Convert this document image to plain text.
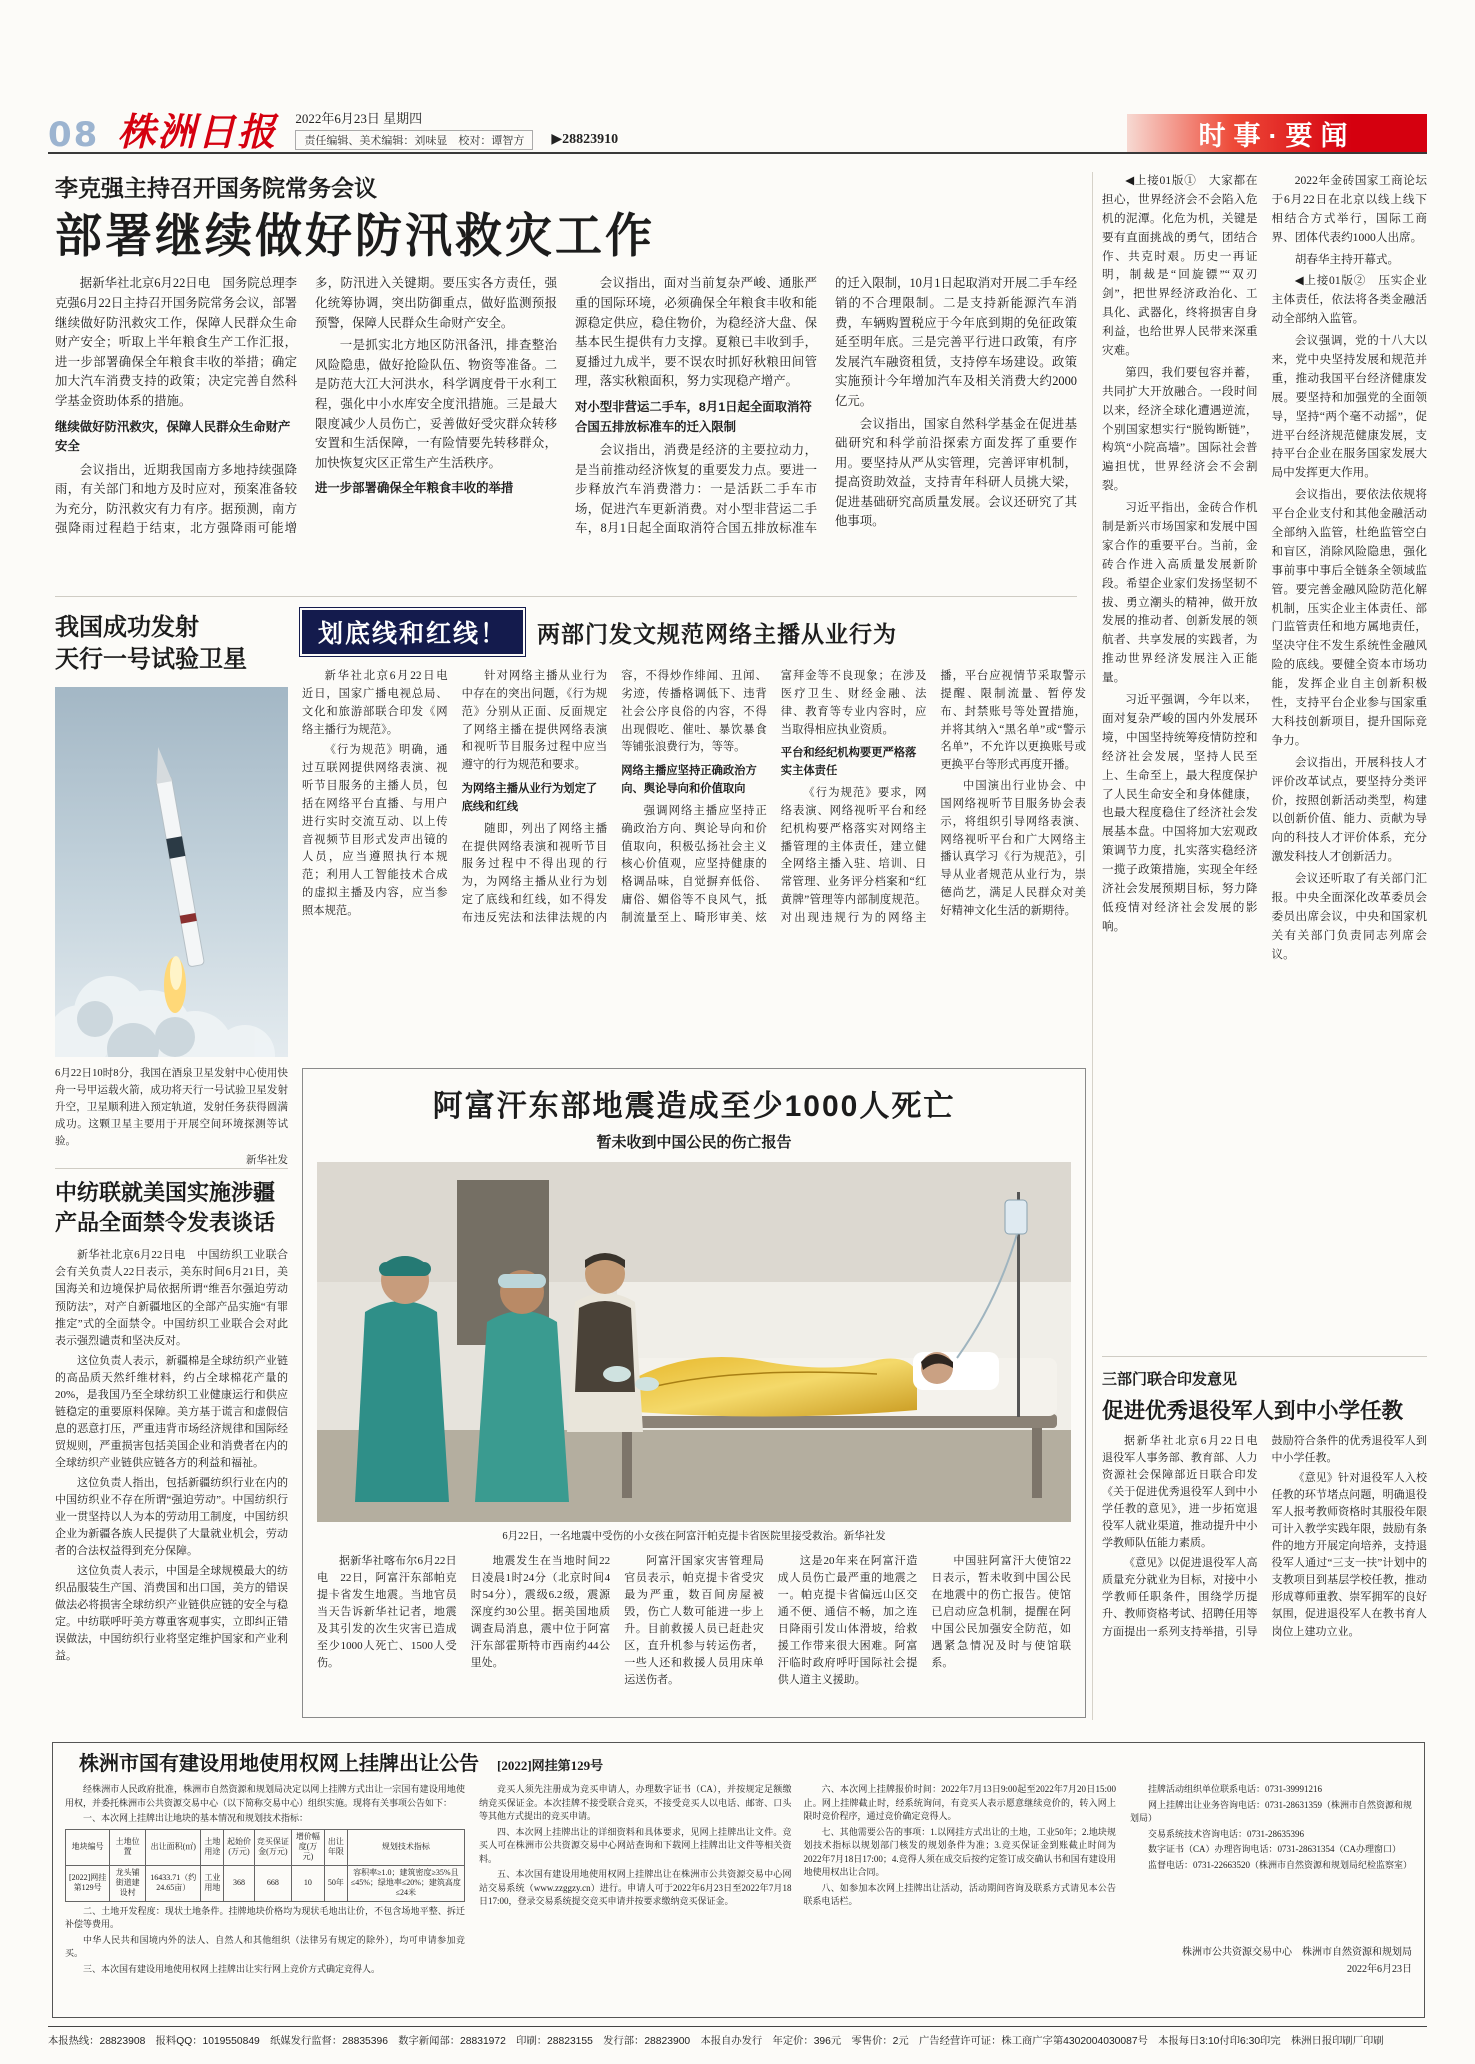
08 株洲日报 2022年6月23日 星期四
责任编辑、美术编辑：刘味显　校对：谭智方	▶28823910	时事·要闻
李克强主持召开国务院常务会议
部署继续做好防汛救灾工作

据新华社北京6月22日电　国务院总理李克强6月22日主持召开国务院常务会议，部署继续做好防汛救灾工作，保障人民群众生命财产安全；听取上半年粮食生产工作汇报，进一步部署确保全年粮食丰收的举措；确定加大汽车消费支持的政策；决定完善自然科学基金资助体系的措施。

继续做好防汛救灾，保障人民群众生命财产安全

会议指出，近期我国南方多地持续强降雨，有关部门和地方及时应对，预案准备较为充分，防汛救灾有力有序。据预测，南方强降雨过程趋于结束，北方强降雨可能增多，防汛进入关键期。要压实各方责任，强化统筹协调，突出防御重点，做好监测预报预警，保障人民群众生命财产安全。

一是抓实北方地区防汛备汛，排查整治风险隐患，做好抢险队伍、物资等准备。二是防范大江大河洪水，科学调度骨干水利工程，强化中小水库安全度汛措施。三是最大限度减少人员伤亡，妥善做好受灾群众转移安置和生活保障，一有险情要先转移群众，加快恢复灾区正常生产生活秩序。

进一步部署确保全年粮食丰收的举措

会议指出，面对当前复杂严峻、通胀严重的国际环境，必须确保全年粮食丰收和能源稳定供应，稳住物价，为稳经济大盘、保基本民生提供有力支撑。夏粮已丰收到手，夏播过九成半，要不误农时抓好秋粮田间管理，落实秋粮面积，努力实现稳产增产。

对小型非营运二手车，8月1日起全面取消符合国五排放标准车的迁入限制

会议指出，消费是经济的主要拉动力，是当前推动经济恢复的重要发力点。要进一步释放汽车消费潜力：一是活跃二手车市场，促进汽车更新消费。对小型非营运二手车，8月1日起全面取消符合国五排放标准车的迁入限制，10月1日起取消对开展二手车经销的不合理限制。二是支持新能源汽车消费，车辆购置税应于今年底到期的免征政策延至明年底。三是完善平行进口政策，有序发展汽车融资租赁，支持停车场建设。政策实施预计今年增加汽车及相关消费大约2000亿元。

会议指出，国家自然科学基金在促进基础研究和科学前沿探索方面发挥了重要作用。要坚持从严从实管理，完善评审机制，提高资助效益，支持青年科研人员挑大梁，促进基础研究高质量发展。会议还研究了其他事项。

◀上接01版①　大家都在担心，世界经济会不会陷入危机的泥潭。化危为机，关键是要有直面挑战的勇气，团结合作、共克时艰。历史一再证明，制裁是“回旋镖”“双刃剑”，把世界经济政治化、工具化、武器化，终将损害自身利益，也给世界人民带来深重灾难。

第四，我们要包容并蓄，共同扩大开放融合。一段时间以来，经济全球化遭遇逆流，个别国家想实行“脱钩断链”，构筑“小院高墙”。国际社会普遍担忧，世界经济会不会割裂。

习近平指出，金砖合作机制是新兴市场国家和发展中国家合作的重要平台。当前，金砖合作进入高质量发展新阶段。希望企业家们发扬坚韧不拔、勇立潮头的精神，做开放发展的推动者、创新发展的领航者、共享发展的实践者，为推动世界经济发展注入正能量。

习近平强调，今年以来，面对复杂严峻的国内外发展环境，中国坚持统筹疫情防控和经济社会发展，坚持人民至上、生命至上，最大程度保护了人民生命安全和身体健康，也最大程度稳住了经济社会发展基本盘。中国将加大宏观政策调节力度，扎实落实稳经济一揽子政策措施，实现全年经济社会发展预期目标，努力降低疫情对经济社会发展的影响。

2022年金砖国家工商论坛于6月22日在北京以线上线下相结合方式举行，国际工商界、团体代表约1000人出席。

胡春华主持开幕式。

◀上接01版②　压实企业主体责任，依法将各类金融活动全部纳入监管。

会议强调，党的十八大以来，党中央坚持发展和规范并重，推动我国平台经济健康发展。要坚持和加强党的全面领导，坚持“两个毫不动摇”，促进平台经济规范健康发展，支持平台企业在服务国家发展大局中发挥更大作用。

会议指出，要依法依规将平台企业支付和其他金融活动全部纳入监管，杜绝监管空白和盲区，消除风险隐患，强化事前事中事后全链条全领域监管。要完善金融风险防范化解机制，压实企业主体责任、部门监管责任和地方属地责任，坚决守住不发生系统性金融风险的底线。要健全资本市场功能，发挥企业自主创新积极性，支持平台企业参与国家重大科技创新项目，提升国际竞争力。

会议指出，开展科技人才评价改革试点，要坚持分类评价，按照创新活动类型，构建以创新价值、能力、贡献为导向的科技人才评价体系，充分激发科技人才创新活力。

会议还听取了有关部门汇报。中央全面深化改革委员会委员出席会议，中央和国家机关有关部门负责同志列席会议。

我国成功发射
天行一号试验卫星
6月22日10时8分，我国在酒泉卫星发射中心使用快舟一号甲运载火箭，成功将天行一号试验卫星发射升空，卫星顺利进入预定轨道，发射任务获得圆满成功。这颗卫星主要用于开展空间环境探测等试验。
新华社发
划底线和红线！	两部门发文规范网络主播从业行为

新华社北京6月22日电　近日，国家广播电视总局、文化和旅游部联合印发《网络主播行为规范》。

《行为规范》明确，通过互联网提供网络表演、视听节目服务的主播人员，包括在网络平台直播、与用户进行实时交流互动、以上传音视频节目形式发声出镜的人员，应当遵照执行本规范；利用人工智能技术合成的虚拟主播及内容，应当参照本规范。

针对网络主播从业行为中存在的突出问题，《行为规范》分别从正面、反面规定了网络主播在提供网络表演和视听节目服务过程中应当遵守的行为规范和要求。

为网络主播从业行为划定了底线和红线

随即，列出了网络主播在提供网络表演和视听节目服务过程中不得出现的行为，为网络主播从业行为划定了底线和红线，如不得发布违反宪法和法律法规的内容，不得炒作绯闻、丑闻、劣迹，传播格调低下、违背社会公序良俗的内容，不得出现假吃、催吐、暴饮暴食等铺张浪费行为，等等。

网络主播应坚持正确政治方向、舆论导向和价值取向

强调网络主播应坚持正确政治方向、舆论导向和价值取向，积极弘扬社会主义核心价值观，应坚持健康的格调品味，自觉摒弃低俗、庸俗、媚俗等不良风气，抵制流量至上、畸形审美、炫富拜金等不良现象；在涉及医疗卫生、财经金融、法律、教育等专业内容时，应当取得相应执业资质。

平台和经纪机构要更严格落实主体责任

《行为规范》要求，网络表演、网络视听平台和经纪机构要严格落实对网络主播管理的主体责任，建立健全网络主播入驻、培训、日常管理、业务评分档案和“红黄牌”管理等内部制度规范。对出现违规行为的网络主播，平台应视情节采取警示提醒、限制流量、暂停发布、封禁账号等处置措施，并将其纳入“黑名单”或“警示名单”，不允许以更换账号或更换平台等形式再度开播。

中国演出行业协会、中国网络视听节目服务协会表示，将组织引导网络表演、网络视听平台和广大网络主播认真学习《行为规范》，引导从业者规范从业行为，崇德尚艺，满足人民群众对美好精神文化生活的新期待。

阿富汗东部地震造成至少1000人死亡
暂未收到中国公民的伤亡报告
6月22日，一名地震中受伤的小女孩在阿富汗帕克提卡省医院里接受救治。新华社发

据新华社喀布尔6月22日电　22日，阿富汗东部帕克提卡省发生地震。当地官员当天告诉新华社记者，地震及其引发的次生灾害已造成至少1000人死亡、1500人受伤。

地震发生在当地时间22日凌晨1时24分（北京时间4时54分），震级6.2级，震源深度约30公里。据美国地质调查局消息，震中位于阿富汗东部霍斯特市西南约44公里处。

阿富汗国家灾害管理局官员表示，帕克提卡省受灾最为严重，数百间房屋被毁，伤亡人数可能进一步上升。目前救援人员已赶赴灾区，直升机参与转运伤者，一些人还和救援人员用床单运送伤者。

这是20年来在阿富汗造成人员伤亡最严重的地震之一。帕克提卡省偏远山区交通不便、通信不畅，加之连日降雨引发山体滑坡，给救援工作带来很大困难。阿富汗临时政府呼吁国际社会提供人道主义援助。

中国驻阿富汗大使馆22日表示，暂未收到中国公民在地震中的伤亡报告。使馆已启动应急机制，提醒在阿中国公民加强安全防范，如遇紧急情况及时与使馆联系。

中纺联就美国实施涉疆
产品全面禁令发表谈话

新华社北京6月22日电　中国纺织工业联合会有关负责人22日表示，美东时间6月21日，美国海关和边境保护局依据所谓“维吾尔强迫劳动预防法”，对产自新疆地区的全部产品实施“有罪推定”式的全面禁令。中国纺织工业联合会对此表示强烈谴责和坚决反对。

这位负责人表示，新疆棉是全球纺织产业链的高品质天然纤维材料，约占全球棉花产量的20%，是我国乃至全球纺织工业健康运行和供应链稳定的重要原料保障。美方基于谎言和虚假信息的恶意打压，严重违背市场经济规律和国际经贸规则，严重损害包括美国企业和消费者在内的全球纺织产业链供应链各方的利益和福祉。

这位负责人指出，包括新疆纺织行业在内的中国纺织业不存在所谓“强迫劳动”。中国纺织行业一贯坚持以人为本的劳动用工制度，中国纺织企业为新疆各族人民提供了大量就业机会，劳动者的合法权益得到充分保障。

这位负责人表示，中国是全球规模最大的纺织品服装生产国、消费国和出口国，美方的错误做法必将损害全球纺织产业链供应链的安全与稳定。中纺联呼吁美方尊重客观事实，立即纠正错误做法，中国纺织行业将坚定维护国家和产业利益。

三部门联合印发意见
促进优秀退役军人到中小学任教

据新华社北京6月22日电　退役军人事务部、教育部、人力资源社会保障部近日联合印发《关于促进优秀退役军人到中小学任教的意见》，进一步拓宽退役军人就业渠道，推动提升中小学教师队伍能力素质。

《意见》以促进退役军人高质量充分就业为目标，对接中小学教师任职条件，围绕学历提升、教师资格考试、招聘任用等方面提出一系列支持举措，引导鼓励符合条件的优秀退役军人到中小学任教。

《意见》针对退役军人入校任教的环节堵点问题，明确退役军人报考教师资格时其服役年限可计入教学实践年限，鼓励有条件的地方开展定向培养，支持退役军人通过“三支一扶”计划中的支教项目到基层学校任教，推动形成尊师重教、崇军拥军的良好氛围，促进退役军人在教书育人岗位上建功立业。

株洲市国有建设用地使用权网上挂牌出让公告 [2022]网挂第129号

经株洲市人民政府批准，株洲市自然资源和规划局决定以网上挂牌方式出让一宗国有建设用地使用权，并委托株洲市公共资源交易中心（以下简称交易中心）组织实施。现将有关事项公告如下：

一、本次网上挂牌出让地块的基本情况和规划技术指标：

地块编号	土地位置	出让面积(㎡)	土地用途	起始价(万元)	竞买保证金(万元)	增价幅度(万元)	出让年限	规划技术指标
[2022]网挂第129号	龙头铺街道建设村	16433.71（约24.65亩）	工业用地	368	668	10	50年	容积率≥1.0；建筑密度≥35%且≤45%；绿地率≤20%；建筑高度≤24米

二、土地开发程度：现状土地条件。挂牌地块价格均为现状毛地出让价，不包含场地平整、拆迁补偿等费用。

中华人民共和国境内外的法人、自然人和其他组织（法律另有规定的除外），均可申请参加竞买。

三、本次国有建设用地使用权网上挂牌出让实行网上竞价方式确定竞得人。

竞买人须先注册成为竞买申请人，办理数字证书（CA），并按规定足额缴纳竞买保证金。本次挂牌不接受联合竞买，不接受竞买人以电话、邮寄、口头等其他方式提出的竞买申请。

四、本次网上挂牌出让的详细资料和具体要求，见网上挂牌出让文件。竞买人可在株洲市公共资源交易中心网站查询和下载网上挂牌出让文件等相关资料。

五、本次国有建设用地使用权网上挂牌出让在株洲市公共资源交易中心网站交易系统（www.zzggzy.cn）进行。申请人可于2022年6月23日至2022年7月18日17:00，登录交易系统提交竞买申请并按要求缴纳竞买保证金。

六、本次网上挂牌报价时间：2022年7月13日9:00起至2022年7月20日15:00止。网上挂牌截止时，经系统询问，有竞买人表示愿意继续竞价的，转入网上限时竞价程序，通过竞价确定竞得人。

七、其他需要公告的事项：1.以网挂方式出让的土地，工业50年；2.地块规划技术指标以规划部门核发的规划条件为准；3.竞买保证金到账截止时间为2022年7月18日17:00；4.竞得人须在成交后按约定签订成交确认书和国有建设用地使用权出让合同。

八、如参加本次网上挂牌出让活动，活动期间咨询及联系方式请见本公告联系电话栏。

挂牌活动组织单位联系电话：0731-39991216

网上挂牌出让业务咨询电话：0731-28631359（株洲市自然资源和规划局）

交易系统技术咨询电话：0731-28635396

数字证书（CA）办理咨询电话：0731-28631354（CA办理窗口）

监督电话：0731-22663520（株洲市自然资源和规划局纪检监察室）

株洲市公共资源交易中心　株洲市自然资源和规划局
2022年6月23日
本报热线：28823908　报料QQ：1019550849　纸媒发行监督：28835396　数字新闻部：28831972　印刷：28823155　发行部：28823900　本报自办发行　年定价：396元　零售价：2元　广告经营许可证：株工商广字第4302004030087号　本报每日3:10付印6:30印完　株洲日报印刷厂印刷
